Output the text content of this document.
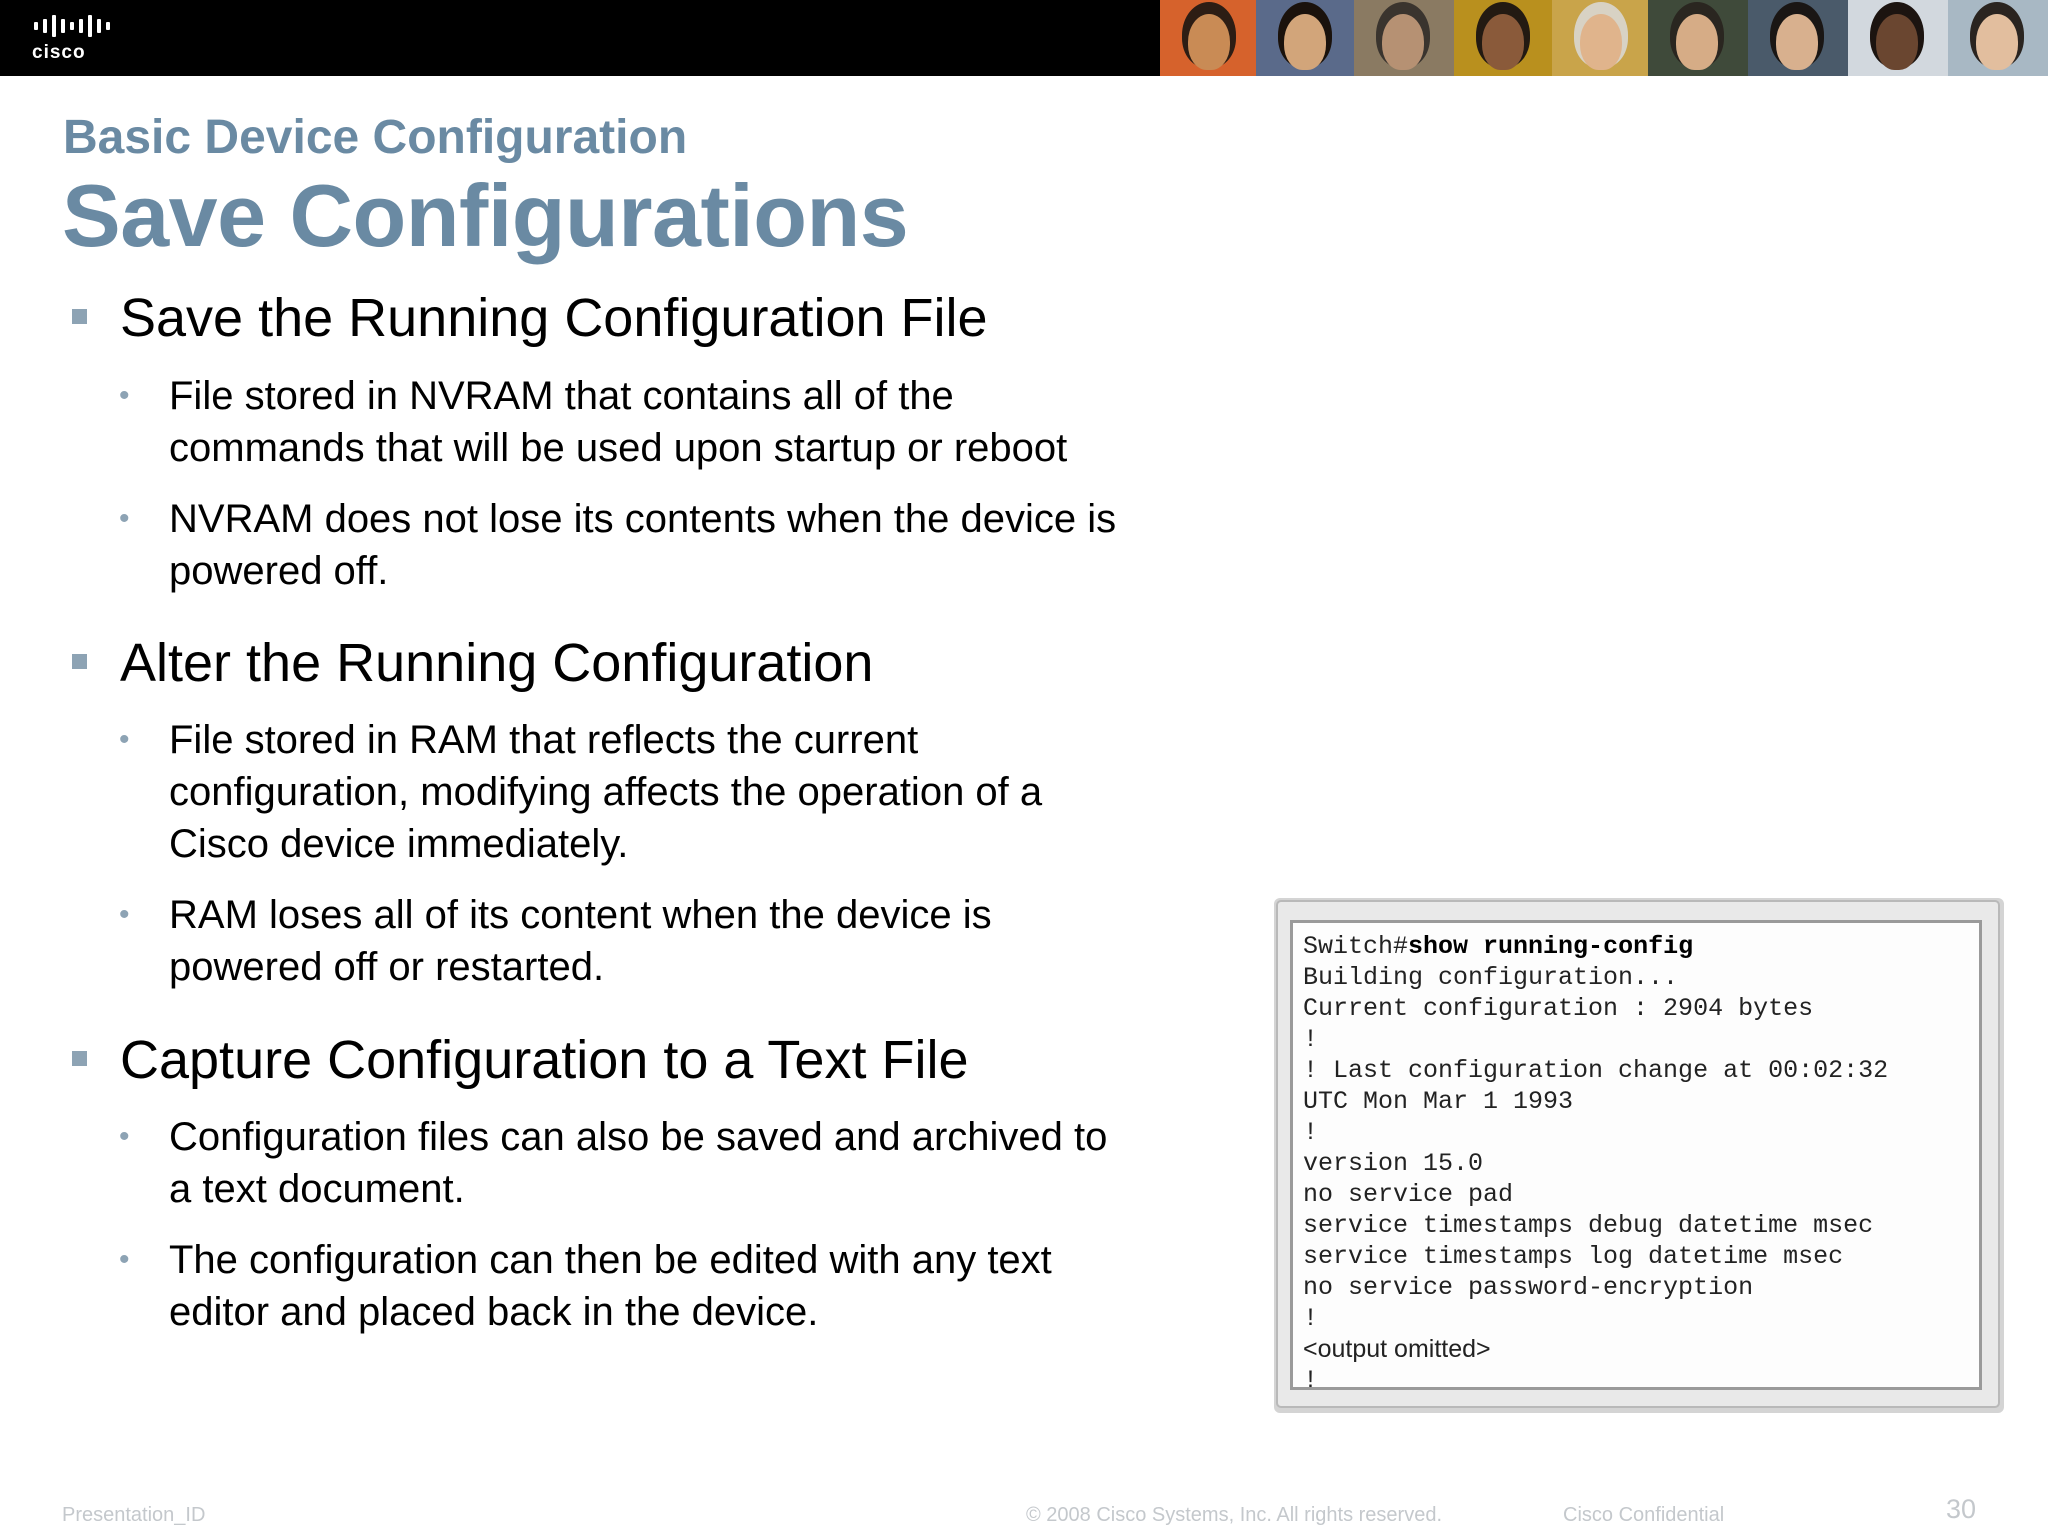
cisco
Basic Device Configuration
Save Configurations
Save the Running Configuration File
• File stored in NVRAM that contains all of the
commands that will be used upon startup or reboot
• NVRAM does not lose its contents when the device is
powered off.
Alter the Running Configuration
• File stored in RAM that reflects the current
configuration, modifying affects the operation of a
Cisco device immediately.
• RAM loses all of its content when the device is
powered off or restarted.
Capture Configuration to a Text File
• Configuration files can also be saved and archived to
a text document.
• The configuration can then be edited with any text
editor and placed back in the device.
Switch#show running-config
Building configuration...
Current configuration : 2904 bytes
!
! Last configuration change at 00:02:32
UTC Mon Mar 1 1993
!
version 15.0
no service pad
service timestamps debug datetime msec
service timestamps log datetime msec
no service password-encryption
!
<output omitted>
!
Presentation_ID	© 2008 Cisco Systems, Inc. All rights reserved.	Cisco Confidential	30
